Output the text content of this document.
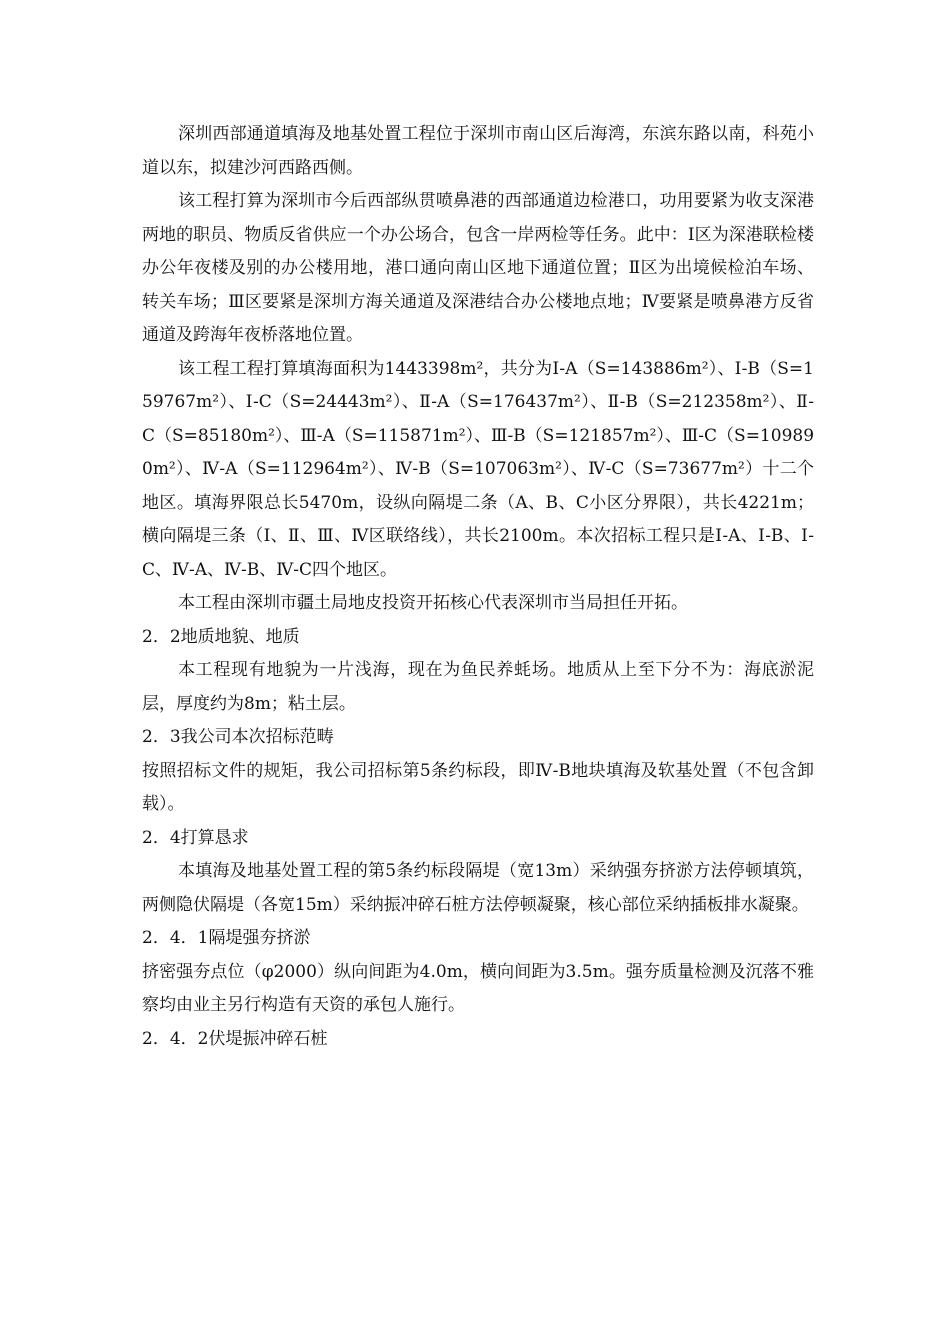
深圳西部通道填海及地基处置工程位于深圳市南山区后海湾，东滨东路以南，科苑小道以东，拟建沙河西路西侧。

该工程打算为深圳市今后西部纵贯喷鼻港的西部通道边检港口，功用要紧为收支深港两地的职员、物质反省供应一个办公场合，包含一岸两检等任务。此中：Ⅰ区为深港联检楼办公年夜楼及别的办公楼用地，港口通向南山区地下通道位置；Ⅱ区为出境候检泊车场、转关车场；Ⅲ区要紧是深圳方海关通道及深港结合办公楼地点地；Ⅳ要紧是喷鼻港方反省通道及跨海年夜桥落地位置。

该工程工程打算填海面积为1443398m²，共分为Ⅰ-A（S=143886m²）、Ⅰ-B（S=159767m²）、Ⅰ-C（S=24443m²）、Ⅱ-A（S=176437m²）、Ⅱ-B（S=212358m²）、Ⅱ-C（S=85180m²）、Ⅲ-A（S=115871m²）、Ⅲ-B（S=121857m²）、Ⅲ-C（S=109890m²）、Ⅳ-A（S=112964m²）、Ⅳ-B（S=107063m²）、Ⅳ-C（S=73677m²）十二个地区。填海界限总长5470m，设纵向隔堤二条（A、B、C小区分界限），共长4221m；横向隔堤三条（Ⅰ、Ⅱ、Ⅲ、Ⅳ区联络线），共长2100m。本次招标工程只是Ⅰ-A、Ⅰ-B、Ⅰ-C、Ⅳ-A、Ⅳ-B、Ⅳ-C四个地区。

本工程由深圳市疆土局地皮投资开拓核心代表深圳市当局担任开拓。

2．2地质地貌、地质

本工程现有地貌为一片浅海，现在为鱼民养蚝场。地质从上至下分不为：海底淤泥层，厚度约为8m；粘土层。

2．3我公司本次招标范畴

按照招标文件的规矩，我公司招标第5条约标段，即Ⅳ-B地块填海及软基处置（不包含卸载）。

2．4打算恳求

本填海及地基处置工程的第5条约标段隔堤（宽13m）采纳强夯挤淤方法停顿填筑，两侧隐伏隔堤（各宽15m）采纳振冲碎石桩方法停顿凝聚，核心部位采纳插板排水凝聚。

2．4．1隔堤强夯挤淤

挤密强夯点位（φ2000）纵向间距为4.0m，横向间距为3.5m。强夯质量检测及沉落不雅察均由业主另行构造有天资的承包人施行。

2．4．2伏堤振冲碎石桩
